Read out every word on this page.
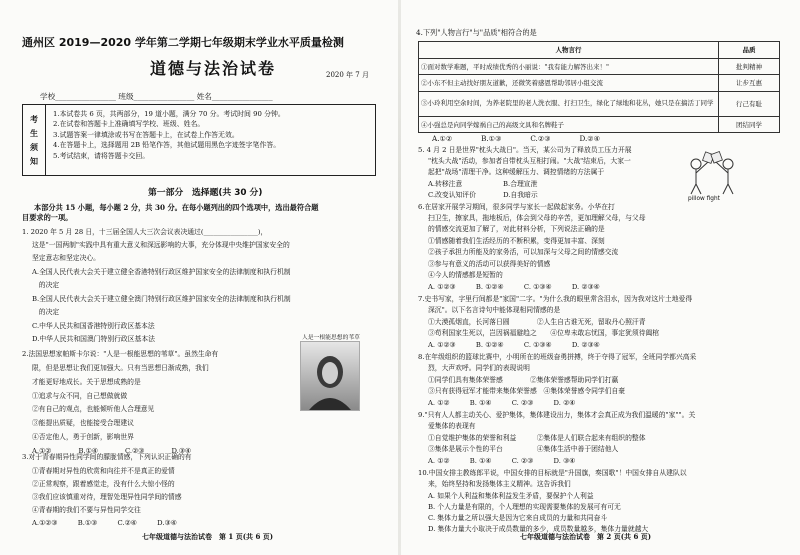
通州区 2019—2020 学年第二学期七年级期末学业水平质量检测
道德与法治试卷	2020 年 7 月
学校________________ 班级________________ 姓名________________
考
生
须
知
1.本试卷共 6 页，共两部分，19 道小题，满分 70 分。考试时间 90 分钟。
2.在试卷和答题卡上准确填写学校、班级、姓名。
3.试题答案一律填涂或书写在答题卡上，在试卷上作答无效。
4.在答题卡上，选择题用 2B 铅笔作答，其他试题用黑色字迹签字笔作答。
5.考试结束，请将答题卡交回。
第一部分　选择题(共 30 分)
本部分共 15 小题，每小题 2 分，共 30 分。在每小题列出的四个选项中，选出最符合题
目要求的一项。
1. 2020 年 5 月 28 日，十三届全国人大三次会议表决通过(________________)，
这是"一国两制"实践中具有重大意义和深远影响的大事，充分体现中央维护国家安全的
坚定意志和坚定决心。
A.全国人民代表大会关于建立健全香港特别行政区维护国家安全的法律制度和执行机制
　的决定
B.全国人民代表大会关于建立健全澳门特别行政区维护国家安全的法律制度和执行机制
　的决定
C.中华人民共和国香港特别行政区基本法
D.中华人民共和国澳门特别行政区基本法
2.法国思想家帕斯卡尔说："人是一根能思想的苇草"。虽然生命有
限，但是思想让我们更加强大。只有当思想日渐成熟，我们
才能更好地成长。关于思想成熟的是
①追求与众不同，自己想做就做
②有自己的观点，也能倾听他人合理意见
③能提出质疑，也能接受合理建议
④否定他人，勇于创新，影响世界
A.①②　　　　B.①④　　　　C.②③　　　　D.③④
3.对于青春期异性同学间的朦胧情感，下列认识正确的有
①青春期对异性的欣赏和向往并不是真正的爱情
②正常观察，跟着感觉走，没有什么大惊小怪的
③我们应该慎重对待，理智处理异性同学间的情感
④青春期的我们不要与异性同学交往
A.①②③　　　B.①③　　　C.②④　　　D.③④
人是一根能思想的苇草
七年级道德与法治试卷　第 1 页(共 6 页)
4.下列"人物言行"与"品质"相符合的是
人物言行	品质
①面对数学难题，平时成绩优秀的小丽说："我有能力解答出来！"	批判精神
②小东不但主动找好朋友道歉，还微笑着感恩帮助邻居小组交流	让步互惠
③小玲利用空余时间，为养老院里的老人洗衣服、打扫卫生，绿化了绿地和花丛，她只是在搞活丁同学	行己有耻
④小强总是向同学嫁祸自己的高级文具和名牌鞋子	团结同学
A.①②　　　　B.①③　　　　C.②③　　　　D.②④
5. 4 月 2 日是世界"枕头大战日"。当天，某公司为了释放员工压力开展
"枕头大战"活动，参加者自带枕头互相打闹。"大战"结束后，大家一
起把"战场"清理干净。这种缓解压力、调控情绪的方法属于
A.转移注意　　　　　　B.合理宣泄
C.改变认知评价　　　　D.自我暗示
6.在居家开展学习期间，很多同学与家长一起做起家务。小华在打
扫卫生，擦家具，拖地板后，体会到父母的辛苦，更加理解父母，与父母
的情感交流更加了解了，对此材料分析，下列说法正确的是
①情感随着我们生活经历的不断积累，变得更加丰富、深刻
②孩子承担力所能及的家务活，可以加深与父母之间的情感交流
③参与有意义的活动可以获得美好的情感
④今人的情感都是短暂的
A. ①②③　　　B. ①②④　　　C. ①③④　　　D. ②③④
7.史书写家，字里行间都是"家国"二字。"为什么我的眼里常含泪水，因为我对这片土地爱得
深沉"。以下名言诗句中能体现相同情感的是
①大漠孤烟直，长河落日圆　　　　②人生自古谁无死，留取丹心照汗青
③苟利国家生死以，岂因祸福避趋之　　④位卑未敢忘忧国，事定犹须待阖棺
A. ①②③　　　B. ①②④　　　C. ①③④　　　D. ②③④
8.在年级组织的篮球比赛中，小明所在的班级奋勇拼搏，终于夺得了冠军，全班同学都兴高采
烈，大声欢呼。同学们的表现说明
①同学们具有集体荣誉感　　　　②集体荣誉感帮助同学们打赢
③只有获得冠军才能带来集体荣誉感　④集体荣誉感令同学们自豪
A. ①②　　　B. ①④　　　C. ②③　　　D. ②④
9."只有人人都主动关心、爱护集体，集体建设出力，集体才会真正成为我们温暖的"家""。关
爱集体的表现有
①自觉维护集体的荣誉和利益　　　②集体是人们联合起来有组织的整体
③集体是展示个性的平台　　　　　④集体生活中善于团结他人
A. ①②　　　B. ①④　　　C. ②③　　　D. ③④
10.中国女排主教练郎平说，中国女排的目标就是"升国旗，奏国歌"！中国女排自从建队以
来，始终坚持和发扬集体主义精神。这告诉我们
A. 如果个人利益和集体利益发生矛盾，要保护个人利益
B. 个人力量是有限的，个人理想的实现需要集体的发展可有可无
C. 集体力量之所以强大是因为它来自成员的力量和共同奋斗
D. 集体力量大小取决于成员数量的多少，成员数量越多，集体力量就越大
pillow fight
七年级道德与法治试卷　第 2 页(共 6 页)
